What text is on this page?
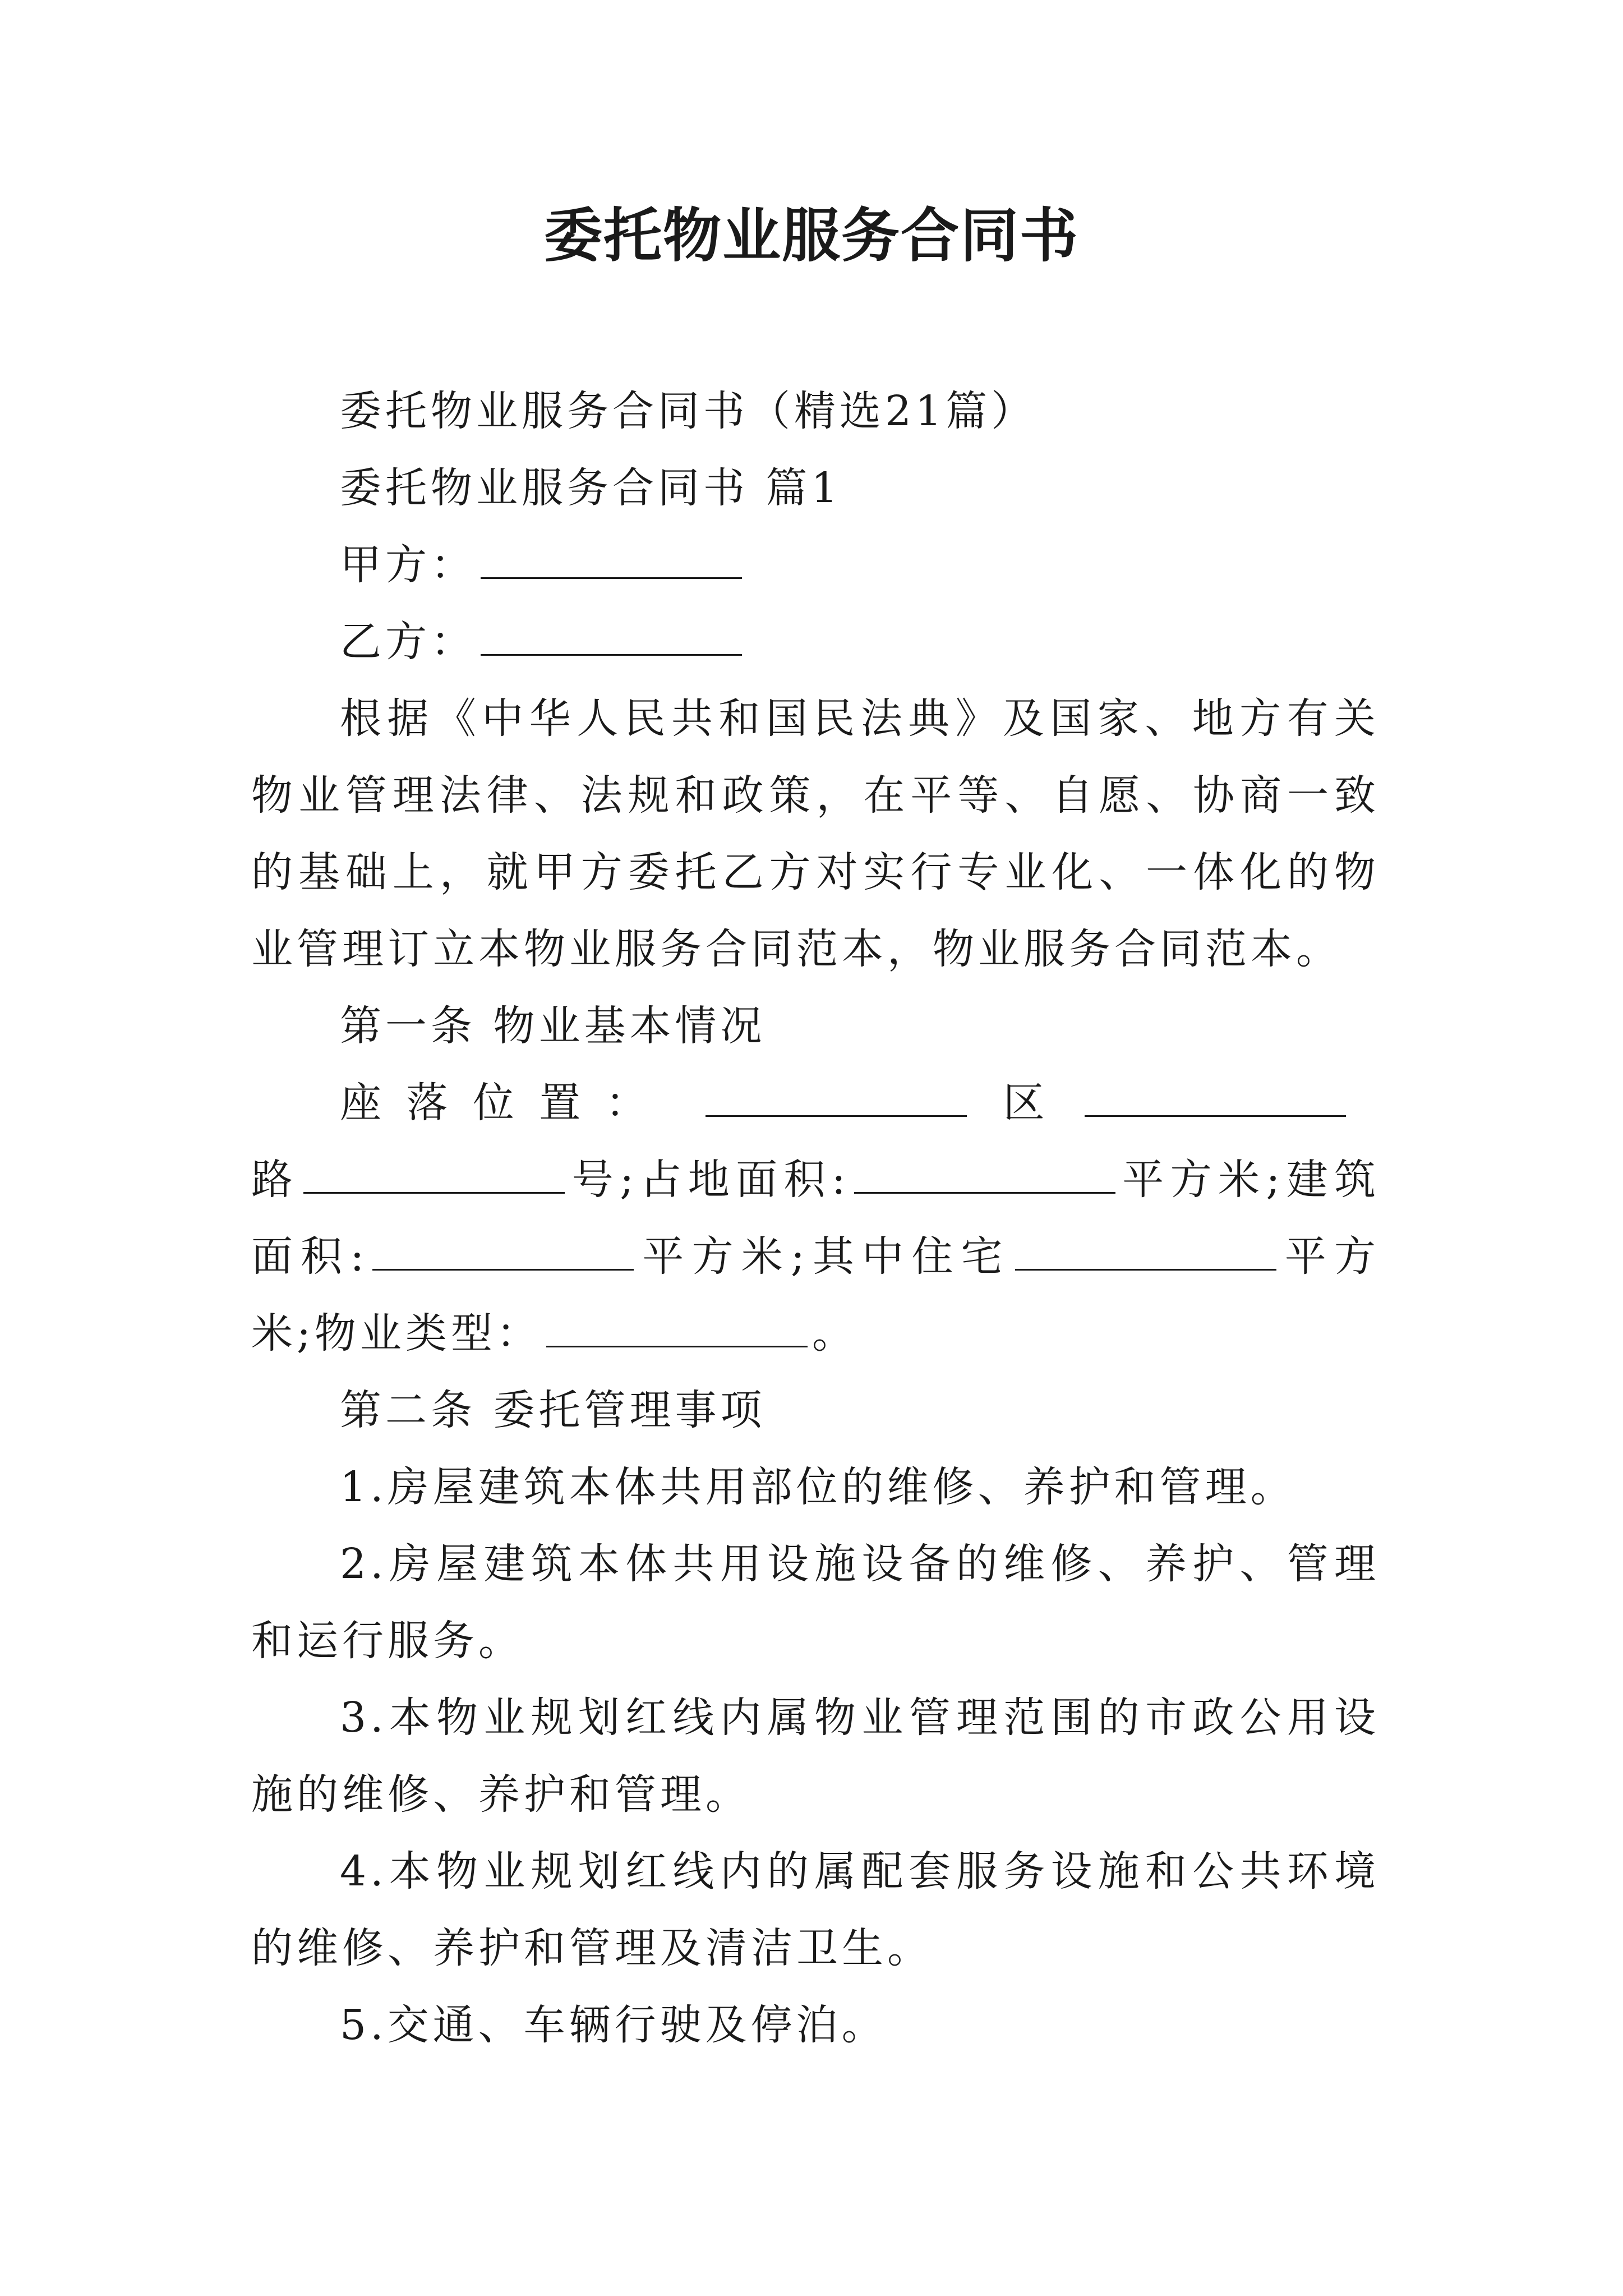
委托物业服务合同书

委托物业服务合同书（精选21篇）

委托物业服务合同书 篇1

甲方：

乙方：

根据《中华人民共和国民法典》及国家、地方有关物业管理法律、法规和政策，在平等、自愿、协商一致的基础上，就甲方委托乙方对实行专业化、一体化的物业管理订立本物业服务合同范本，物业服务合同范本。

第一条 物业基本情况

座落位置：	区路	号;占地面积:	平方米;建筑面积:	平方米;其中住宅	平方米;物业类型：	。

第二条 委托管理事项

1.房屋建筑本体共用部位的维修、养护和管理。

2.房屋建筑本体共用设施设备的维修、养护、管理和运行服务。

3.本物业规划红线内属物业管理范围的市政公用设施的维修、养护和管理。

4.本物业规划红线内的属配套服务设施和公共环境的维修、养护和管理及清洁卫生。

5.交通、车辆行驶及停泊。
